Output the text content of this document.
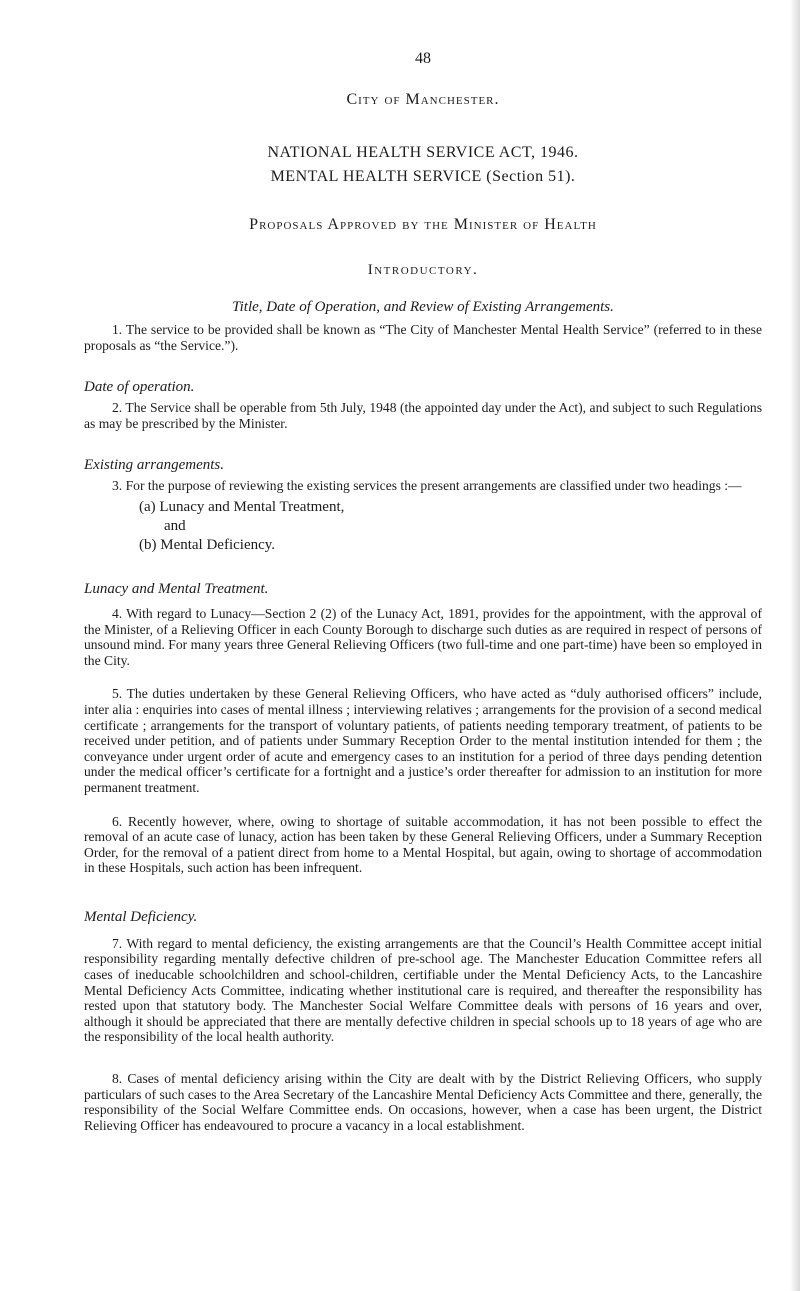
48
City of Manchester.
NATIONAL HEALTH SERVICE ACT, 1946.
MENTAL HEALTH SERVICE (Section 51).
Proposals Approved by the Minister of Health
Introductory.
Title, Date of Operation, and Review of Existing Arrangements.

1. The service to be provided shall be known as “The City of Manchester Mental Health Service” (referred to in these proposals as “the Service.”).

Date of operation.

2. The Service shall be operable from 5th July, 1948 (the appointed day under the Act), and subject to such Regulations as may be prescribed by the Minister.

Existing arrangements.

3. For the purpose of reviewing the existing services the present arrangements are classified under two headings :—

(a) Lunacy and Mental Treatment,
and
(b) Mental Deficiency.
Lunacy and Mental Treatment.

4. With regard to Lunacy—Section 2 (2) of the Lunacy Act, 1891, provides for the appointment, with the approval of the Minister, of a Relieving Officer in each County Borough to discharge such duties as are required in respect of persons of unsound mind. For many years three General Relieving Officers (two full-time and one part-time) have been so employed in the City.

5. The duties undertaken by these General Relieving Officers, who have acted as “duly authorised officers” include, inter alia : enquiries into cases of mental illness ; interviewing relatives ; arrangements for the provision of a second medical certificate ; arrangements for the transport of voluntary patients, of patients needing temporary treatment, of patients to be received under petition, and of patients under Summary Reception Order to the mental institution intended for them ; the conveyance under urgent order of acute and emergency cases to an institution for a period of three days pending detention under the medical officer’s certificate for a fortnight and a justice’s order thereafter for admission to an institution for more permanent treatment.

6. Recently however, where, owing to shortage of suitable accommodation, it has not been possible to effect the removal of an acute case of lunacy, action has been taken by these General Relieving Officers, under a Summary Reception Order, for the removal of a patient direct from home to a Mental Hospital, but again, owing to shortage of accommodation in these Hospitals, such action has been infrequent.

Mental Deficiency.

7. With regard to mental deficiency, the existing arrangements are that the Council’s Health Committee accept initial responsibility regarding mentally defective children of pre-school age. The Manchester Education Committee refers all cases of ineducable schoolchildren and school-children, certifiable under the Mental Deficiency Acts, to the Lancashire Mental Deficiency Acts Committee, indicating whether institutional care is required, and thereafter the responsibility has rested upon that statutory body. The Manchester Social Welfare Committee deals with persons of 16 years and over, although it should be appreciated that there are mentally defective children in special schools up to 18 years of age who are the responsibility of the local health authority.

8. Cases of mental deficiency arising within the City are dealt with by the District Relieving Officers, who supply particulars of such cases to the Area Secretary of the Lancashire Mental Deficiency Acts Committee and there, generally, the responsibility of the Social Welfare Committee ends. On occasions, however, when a case has been urgent, the District Relieving Officer has endeavoured to procure a vacancy in a local establishment.
